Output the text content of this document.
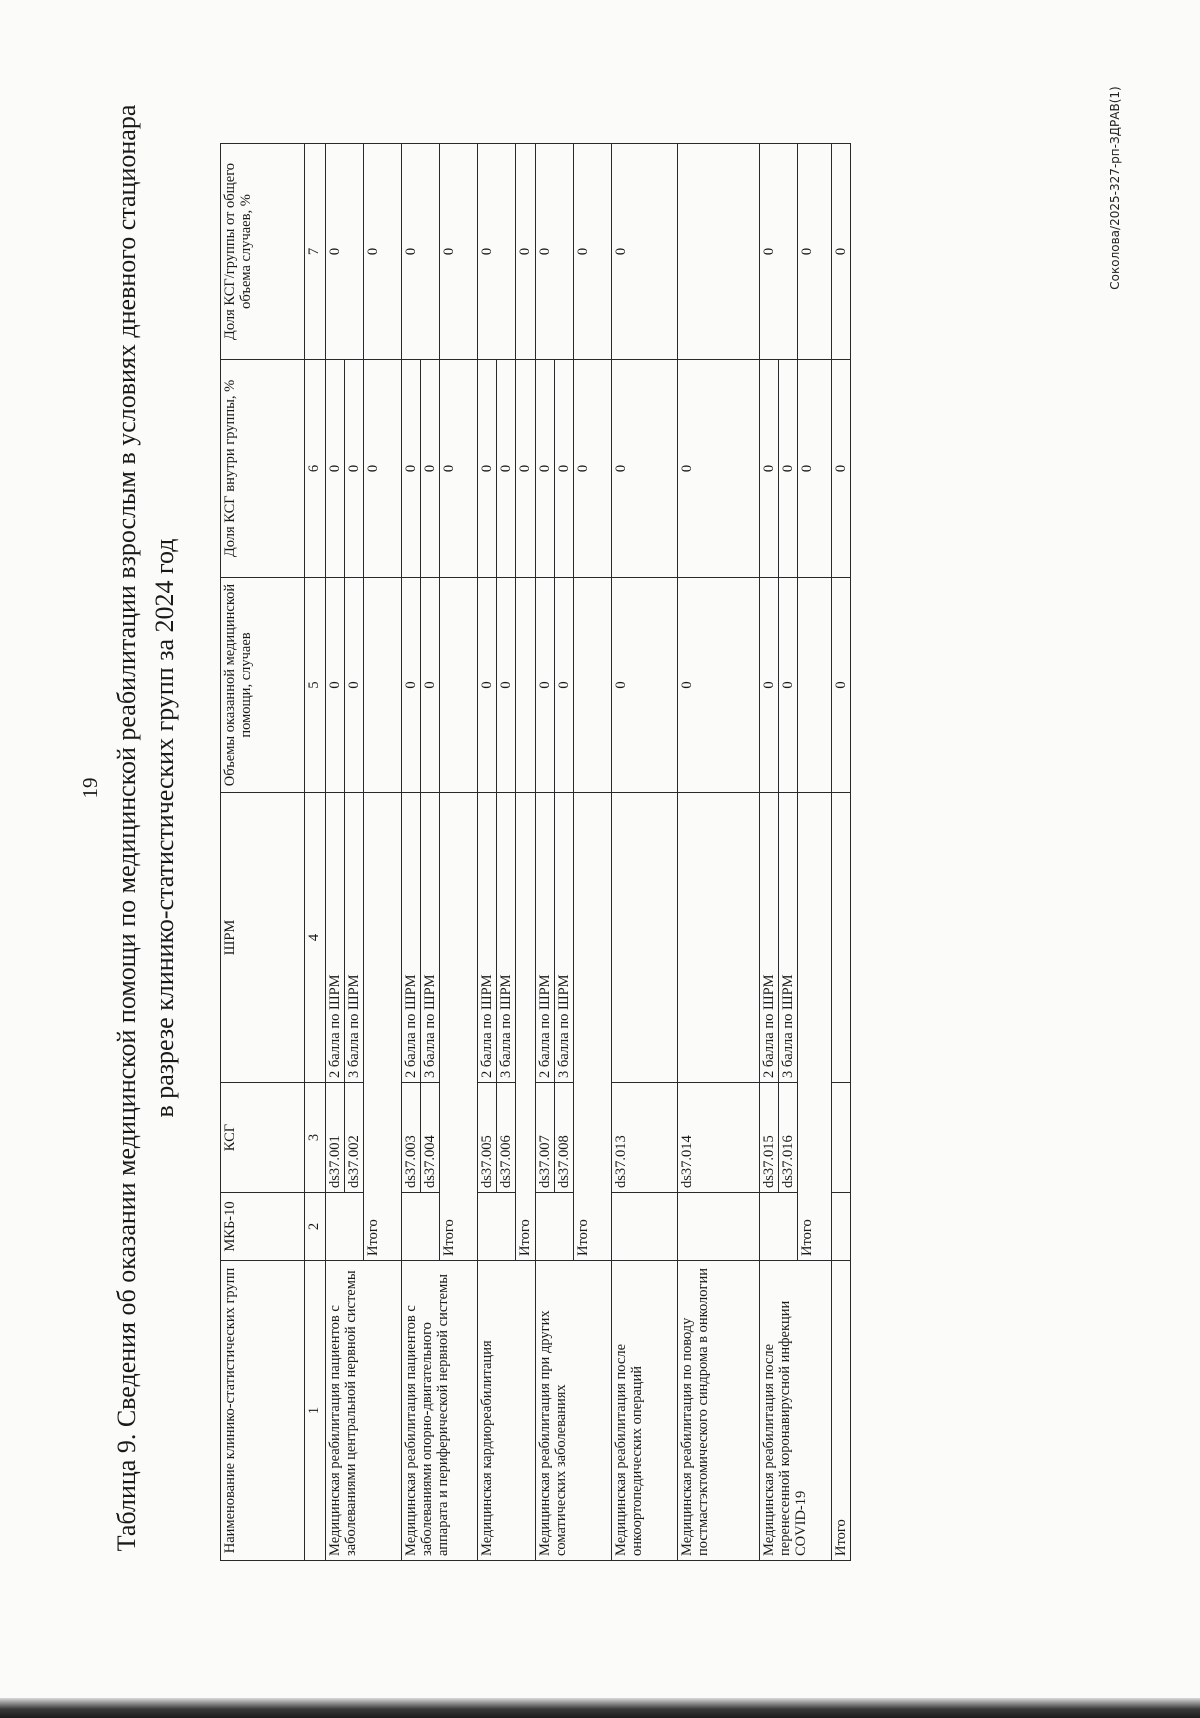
19 Таблица 9. Сведения об оказании медицинской помощи по медицинской реабилитации взрослым в условиях дневного стационара в разрезе клинико-статистических групп за 2024 год
Наименование клинико-статистических групп	МКБ-10	КСГ	ШРМ	Объемы оказанной медицинской помощи, случаев	Доля КСГ внутри группы, %	Доля КСГ/группы от общего объема случаев, %
1	2	3	4	5	6	7
Медицинская реабилитация пациентов с заболеваниями центральной нервной системы		ds37.001	2 балла по ШРМ	0	0	0
		ds37.002	3 балла по ШРМ	0	0	
	Итого				0	0
Медицинская реабилитация пациентов с заболеваниями опорно-двигательного аппарата и периферической нервной системы		ds37.003	2 балла по ШРМ	0	0	0
		ds37.004	3 балла по ШРМ	0	0	
	Итого				0	0
Медицинская кардиореабилитация		ds37.005	2 балла по ШРМ	0	0	0
		ds37.006	3 балла по ШРМ	0	0	
	Итого				0	0
Медицинская реабилитация при других соматических заболеваниях		ds37.007	2 балла по ШРМ	0	0	0
		ds37.008	3 балла по ШРМ	0	0	
	Итого				0	0
Медицинская реабилитация после онкоортопедических операций		ds37.013		0	0	0
Медицинская реабилитация по поводу постмастэктомического синдрома в онкологии		ds37.014		0	0	
Медицинская реабилитация после перенесенной коронавирусной инфекции COVID-19		ds37.015	2 балла по ШРМ	0	0	0
		ds37.016	3 балла по ШРМ	0	0	
	Итого				0	0
Итого				0	0	0	Соколова/2025-327-рп-ЗДРАВ(1)
